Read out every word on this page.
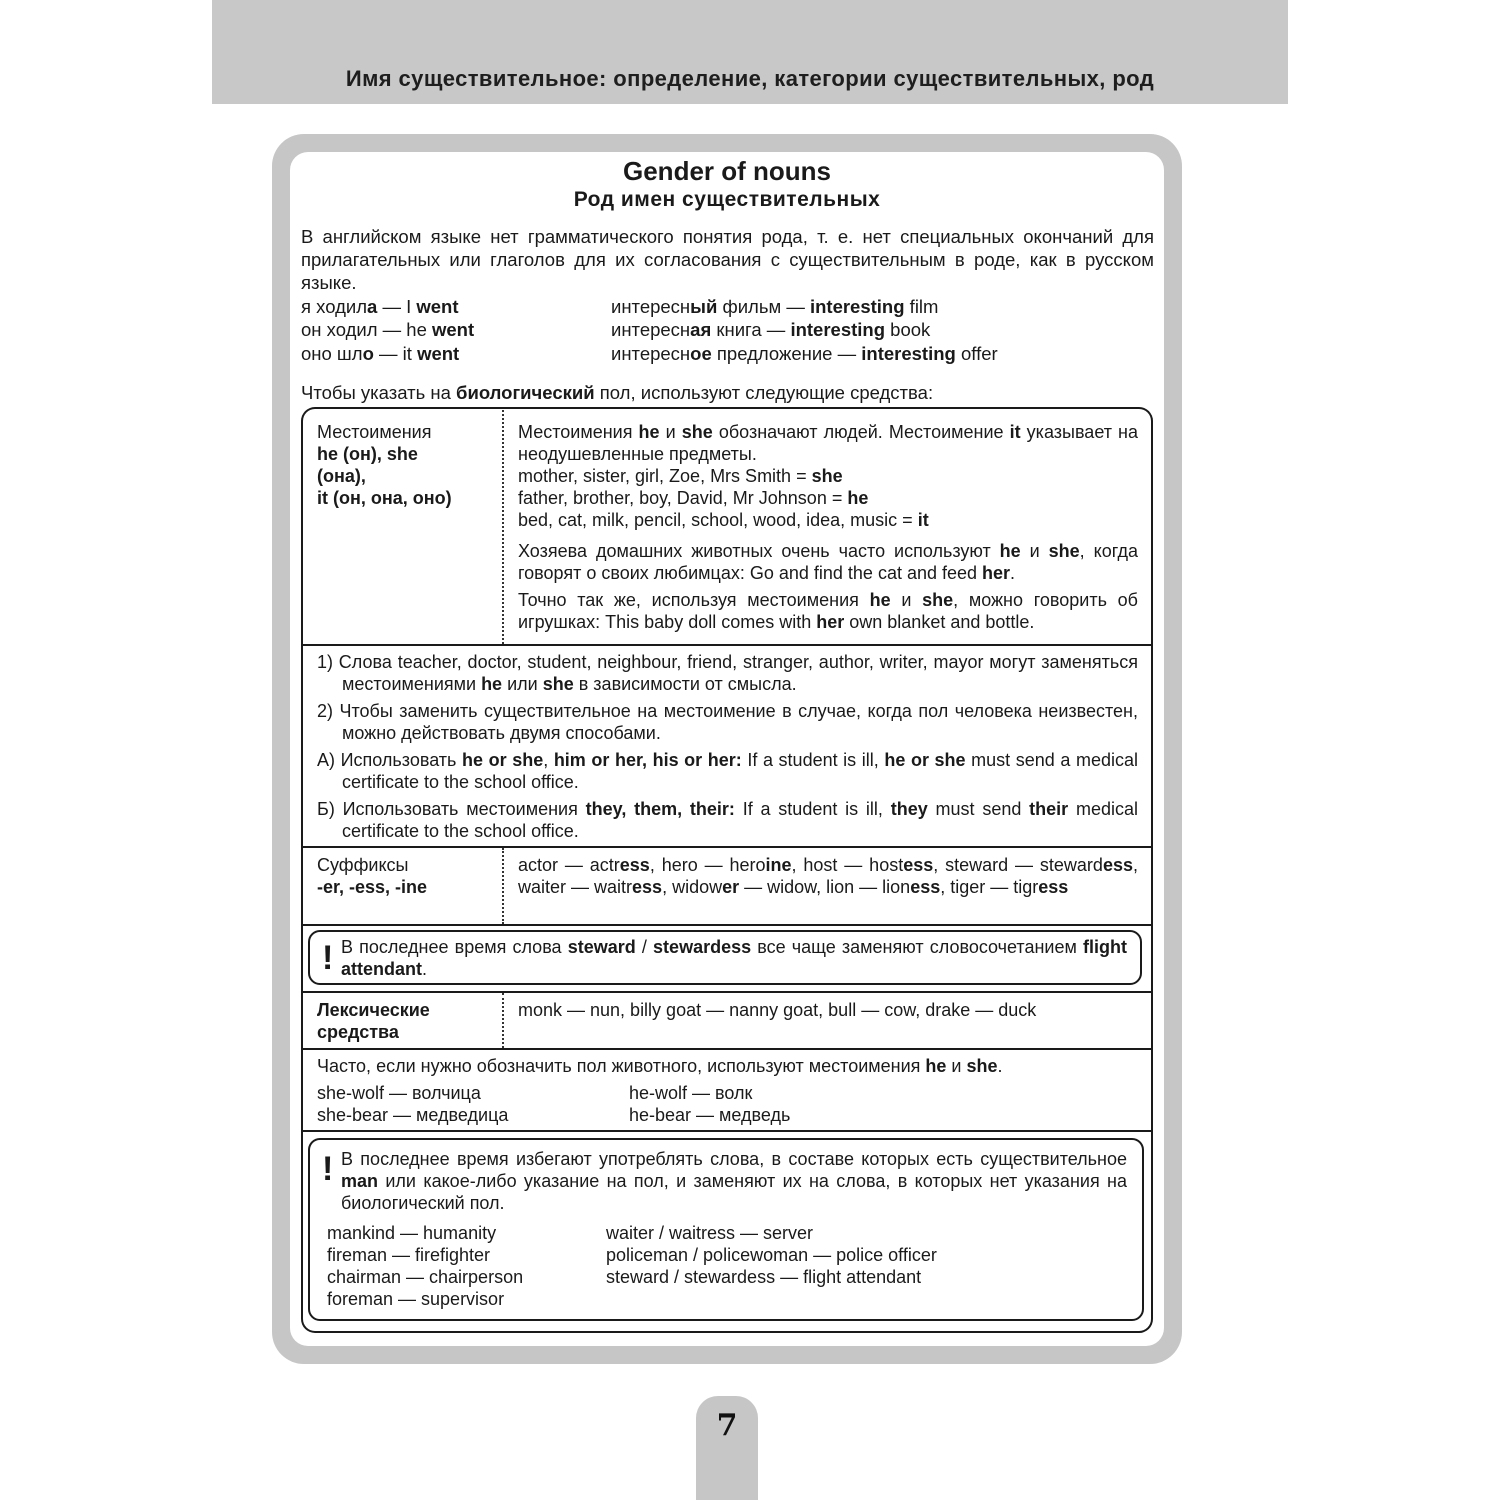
Имя существительное: определение, категории существительных, род
Gender of nouns
Род имен существительных
В английском языке нет грамматического понятия рода, т. е. нет специальных окончаний для прилагательных или глаголов для их согласования с существительным в роде, как в русском языке.
я ходила — I went
он ходил — he went
оно шло — it went
интересный фильм — interesting film
интересная книга — interesting book
интересное предложение — interesting offer
Чтобы указать на биологический пол, используют следующие средства:

Местоимения

he (он), she

(она),

it (он, она, оно)

Местоимения he и she обозначают людей. Местоимение it указывает на неодушевленные предметы.

mother, sister, girl, Zoe, Mrs Smith = she

father, brother, boy, David, Mr Johnson = he

bed, cat, milk, pencil, school, wood, idea, music = it

Хозяева домашних животных очень часто используют he и she, когда говорят о своих любимцах: Go and find the cat and feed her.

Точно так же, используя местоимения he и she, можно говорить об игрушках: This baby doll comes with her own blanket and bottle.

1) Слова teacher, doctor, student, neighbour, friend, stranger, author, writer, mayor могут заменяться местоимениями he или she в зависимости от смысла.

2) Чтобы заменить существительное на местоимение в случае, когда пол человека неизвестен, можно действовать двумя способами.

А) Использовать he or she, him or her, his or her: If a student is ill, he or she must send a medical certificate to the school office.

Б) Использовать местоимения they, them, their: If a student is ill, they must send their medical certificate to the school office.

Суффиксы

-er, -ess, -ine

actor — actress, hero — heroine, host — hostess, steward — stewardess, waiter — waitress, widower — widow, lion — lioness, tiger — tigress

! В последнее время слова steward / stewardess все чаще заменяют словосочетанием flight attendant.
Лексические средства
monk — nun, billy goat — nanny goat, bull — cow, drake — duck

Часто, если нужно обозначить пол животного, используют местоимения he и she.

she-wolf — волчица

she-bear — медведица

he-wolf — волк

he-bear — медведь

! В последнее время избегают употреблять слова, в составе которых есть существительное man или какое-либо указание на пол, и заменяют их на слова, в которых нет указания на биологический пол.

mankind — humanity

fireman — firefighter

chairman — chairperson

foreman — supervisor

waiter / waitress — server

policeman / policewoman — police officer

steward / stewardess — flight attendant

7
